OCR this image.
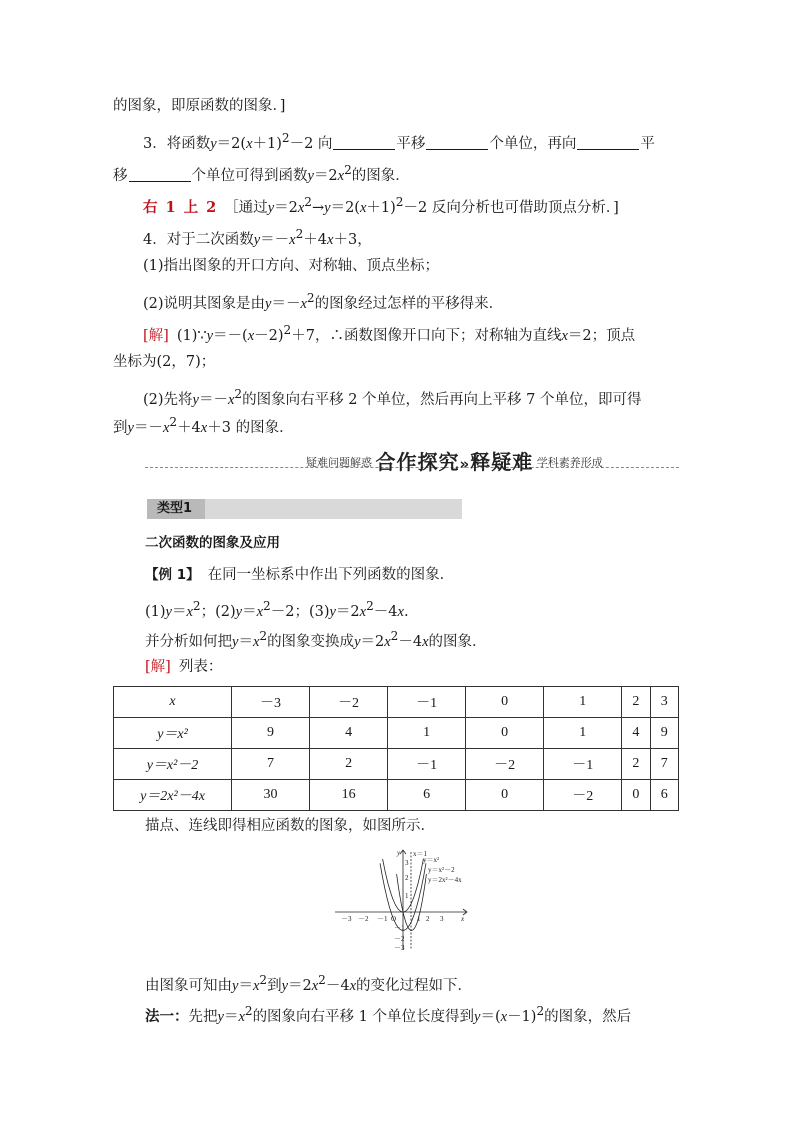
的图象，即原函数的图象．]
3．将函数$y=2(x+1)^2-2$ 向	平移	个单位，再向	平
移	个单位可得到函数$y=2x^2$的图象．
右 1 上 2 ［通过$y=2x^2\to y=2(x+1)^2-2$ 反向分析也可借助顶点分析．]
4．对于二次函数$y=-x^2+4x+3$，
(1)指出图象的开口方向、对称轴、顶点坐标；
(2)说明其图象是由$y=-x^2$的图象经过怎样的平移得来．
[解] $(1)\because y=-(x-2)^2+7$，∴函数图像开口向下；对称轴为直线x＝2；顶点
坐标为(2，7)；
(2)先将$y=-x^2$的图象向右平移 2 个单位，然后再向上平移 7 个单位，即可得
到$y=-x^2+4x+3$ 的图象．
疑难问题解惑 合作探究»释疑难 学科素养形成
类型1
二次函数的图象及应用
【例 1】 在同一坐标系中作出下列函数的图象．
$(1)y=x^2$；$(2)y=x^2-2$；$(3)y=2x^2-4x$.
并分析如何把$y=x^2$的图象变换成$y=2x^2-4x$的图象．
[解] 列表：
x	－3	－2	－1	0	1	2	3
y＝x²	9	4	1	0	1	4	9
y＝x²－2	7	2	－1	－2	－1	2	7
y＝2x²－4x	30	16	6	0	－2	0	6
描点、连线即得相应函数的图象，如图所示．
y
x
x＝1
y＝x²
y＝x²－2
y＝2x²－4x
3
2
1
－1
－2
－3
－3 －2 －1 O	1 2 3
由图象可知由$y=x^2$到$y=2x^2-4x$的变化过程如下．
法一：先把$y=x^2$的图象向右平移 1 个单位长度得到$y=(x-1)^2$的图象，然后
